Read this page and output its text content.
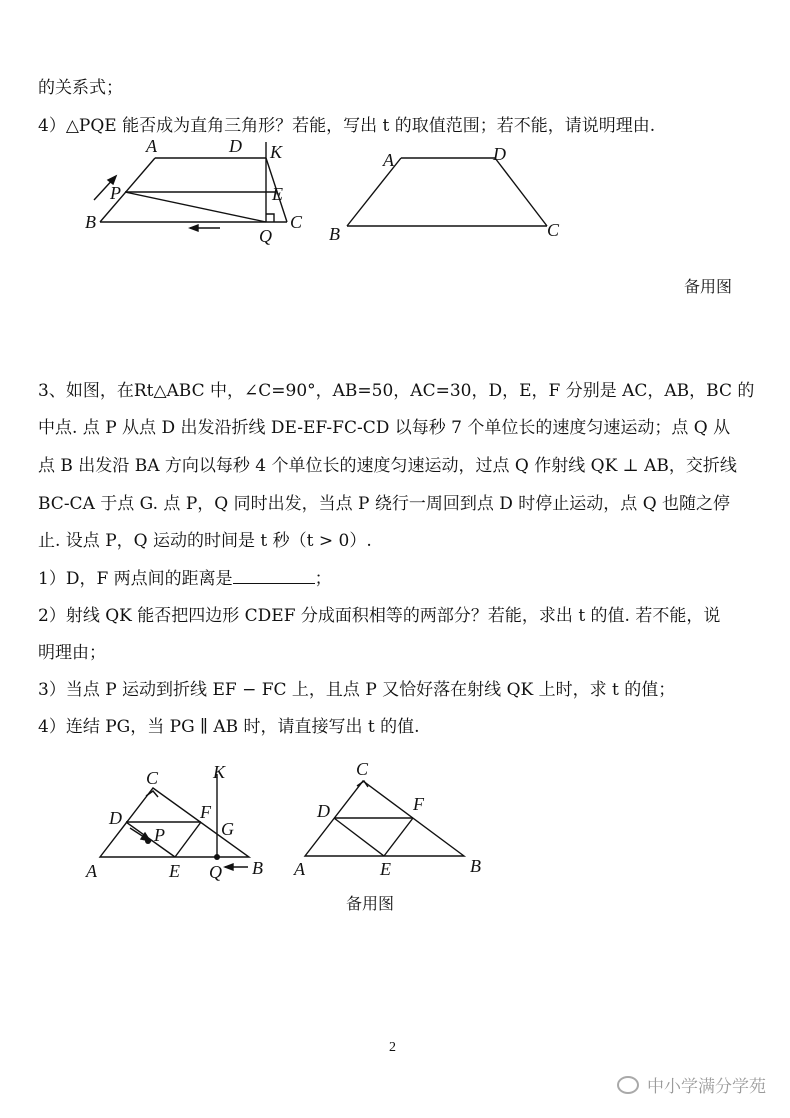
的关系式；
4）△PQE 能否成为直角三角形？若能，写出 t 的取值范围；若不能，请说明理由.
A	D K
P	E
B
Q
C
A	D
B	C
备用图
3、如图，在Rt△ABC 中，∠C=90°，AB=50，AC=30，D，E，F 分别是 AC，AB，BC 的
中点. 点 P 从点 D 出发沿折线 DE-EF-FC-CD 以每秒 7 个单位长的速度匀速运动；点 Q 从
点 B 出发沿 BA 方向以每秒 4 个单位长的速度匀速运动，过点 Q 作射线 QK ⊥ AB，交折线
BC-CA 于点 G. 点 P，Q 同时出发，当点 P 绕行一周回到点 D 时停止运动，点 Q 也随之停
止. 设点 P，Q 运动的时间是 t 秒（t > 0）.
1）D，F 两点间的距离是	；
2）射线 QK 能否把四边形 CDEF 分成面积相等的两部分？若能，求出 t 的值. 若不能，说
明理由；
3）当点 P 运动到折线 EF − FC 上，且点 P 又恰好落在射线 QK 上时，求 t 的值；
4）连结 PG，当 PG ∥ AB 时，请直接写出 t 的值.
C	K
D
P
F
G
A	E Q B
C
D	F
A	E	B
备用图
2
中小学满分学苑
